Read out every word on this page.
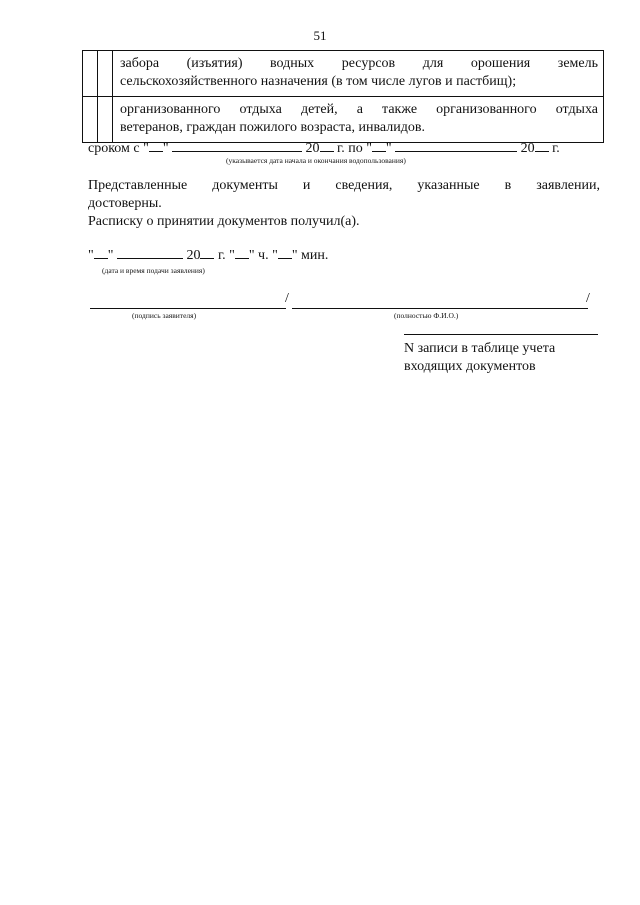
51

		забора (изъятия) водных ресурсов для орошения земель
сельскохозяйственного назначения (в том числе лугов и пастбищ);

		организованного отдыха детей, а также организованного отдыха
ветеранов, граждан пожилого возраста, инвалидов.
сроком с " "	20 г. по " "	20 г.
(указывается дата начала и окончания водопользования)
Представленные документы и сведения, указанные в заявлении,
достоверны.
Расписку о принятии документов получил(а).
" "	20 г. " " ч. " " мин.
(дата и время подачи заявления)
/	/
(подпись заявителя)	(полностью Ф.И.О.)
N записи в таблице учета
входящих документов
